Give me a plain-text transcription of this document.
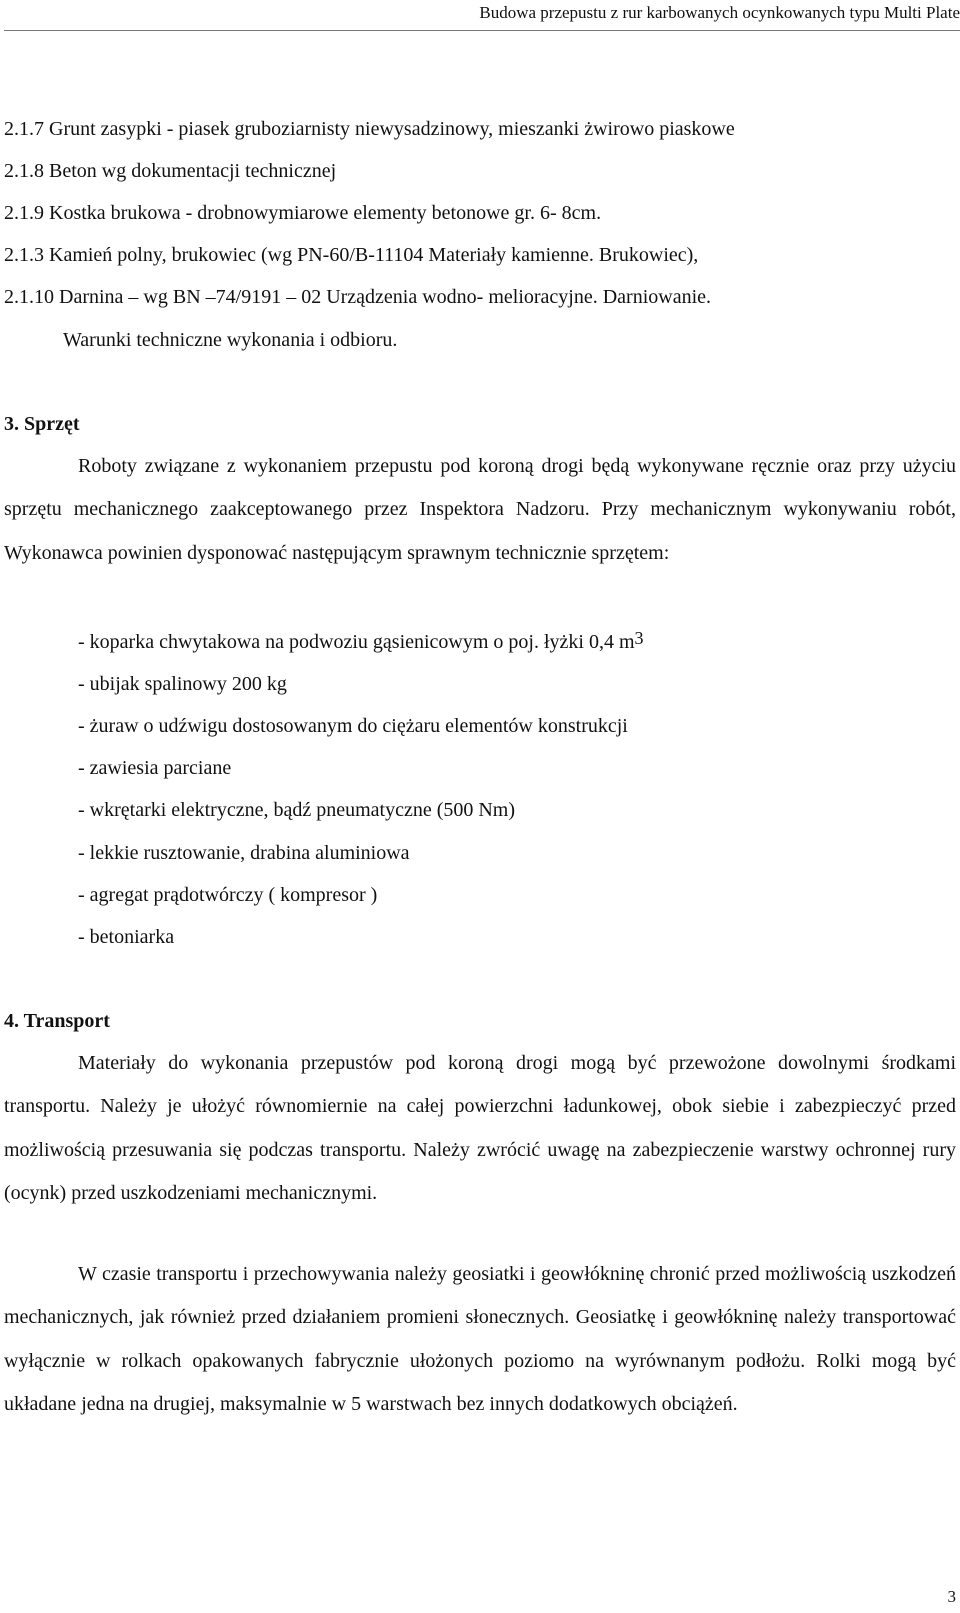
Budowa przepustu z rur karbowanych ocynkowanych typu Multi Plate
2.1.7 Grunt zasypki - piasek gruboziarnisty niewysadzinowy, mieszanki żwirowo piaskowe
2.1.8 Beton wg dokumentacji technicznej
2.1.9 Kostka brukowa - drobnowymiarowe elementy betonowe gr. 6- 8cm.
2.1.3 Kamień polny, brukowiec (wg PN-60/B-11104 Materiały kamienne. Brukowiec),
2.1.10 Darnina – wg BN –74/9191 – 02 Urządzenia wodno- melioracyjne. Darniowanie.
Warunki techniczne wykonania i odbioru.
3. Sprzęt

Roboty związane z wykonaniem przepustu pod koroną drogi będą wykonywane ręcznie oraz przy użyciu sprzętu mechanicznego zaakceptowanego przez Inspektora Nadzoru. Przy mechanicznym wykonywaniu robót, Wykonawca powinien dysponować następującym sprawnym technicznie sprzętem:

- koparka chwytakowa na podwoziu gąsienicowym o poj. łyżki 0,4 $m^3$
- ubijak spalinowy 200 kg
- żuraw o udźwigu dostosowanym do ciężaru elementów konstrukcji
- zawiesia parciane
- wkrętarki elektryczne, bądź pneumatyczne (500 Nm)
- lekkie rusztowanie, drabina aluminiowa
- agregat prądotwórczy ( kompresor )
- betoniarka
4. Transport

Materiały do wykonania przepustów pod koroną drogi mogą być przewożone dowolnymi środkami transportu. Należy je ułożyć równomiernie na całej powierzchni ładunkowej, obok siebie i zabezpieczyć przed możliwością przesuwania się podczas transportu. Należy zwrócić uwagę na zabezpieczenie warstwy ochronnej rury (ocynk) przed uszkodzeniami mechanicznymi.

W czasie transportu i przechowywania należy geosiatki i geowłókninę chronić przed możliwością uszkodzeń mechanicznych, jak również przed działaniem promieni słonecznych. Geosiatkę i geowłókninę należy transportować wyłącznie w rolkach opakowanych fabrycznie ułożonych poziomo na wyrównanym podłożu. Rolki mogą być układane jedna na drugiej, maksymalnie w 5 warstwach bez innych dodatkowych obciążeń.

3
